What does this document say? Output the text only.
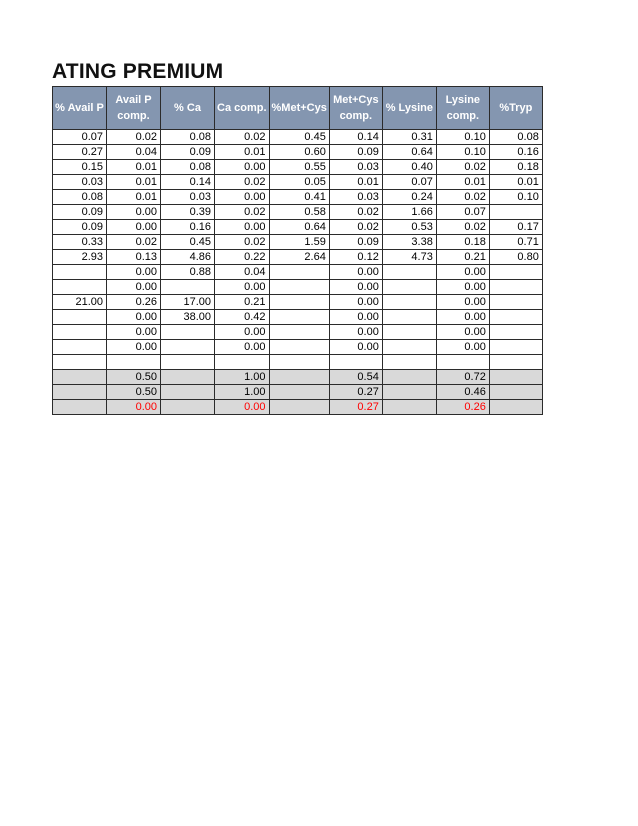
ATING PREMIUM
% Avail P	Avail P comp.	% Ca	Ca comp.	%Met+Cys	Met+Cys comp.	% Lysine	Lysine comp.	%Tryp
0.07	0.02	0.08	0.02	0.45	0.14	0.31	0.10	0.08
0.27	0.04	0.09	0.01	0.60	0.09	0.64	0.10	0.16
0.15	0.01	0.08	0.00	0.55	0.03	0.40	0.02	0.18
0.03	0.01	0.14	0.02	0.05	0.01	0.07	0.01	0.01
0.08	0.01	0.03	0.00	0.41	0.03	0.24	0.02	0.10
0.09	0.00	0.39	0.02	0.58	0.02	1.66	0.07	
0.09	0.00	0.16	0.00	0.64	0.02	0.53	0.02	0.17
0.33	0.02	0.45	0.02	1.59	0.09	3.38	0.18	0.71
2.93	0.13	4.86	0.22	2.64	0.12	4.73	0.21	0.80
	0.00	0.88	0.04		0.00		0.00	
	0.00		0.00		0.00		0.00	
21.00	0.26	17.00	0.21		0.00		0.00	
	0.00	38.00	0.42		0.00		0.00	
	0.00		0.00		0.00		0.00	
	0.00		0.00		0.00		0.00	

	0.50		1.00		0.54		0.72	
	0.50		1.00		0.27		0.46	
	0.00		0.00		0.27		0.26	
